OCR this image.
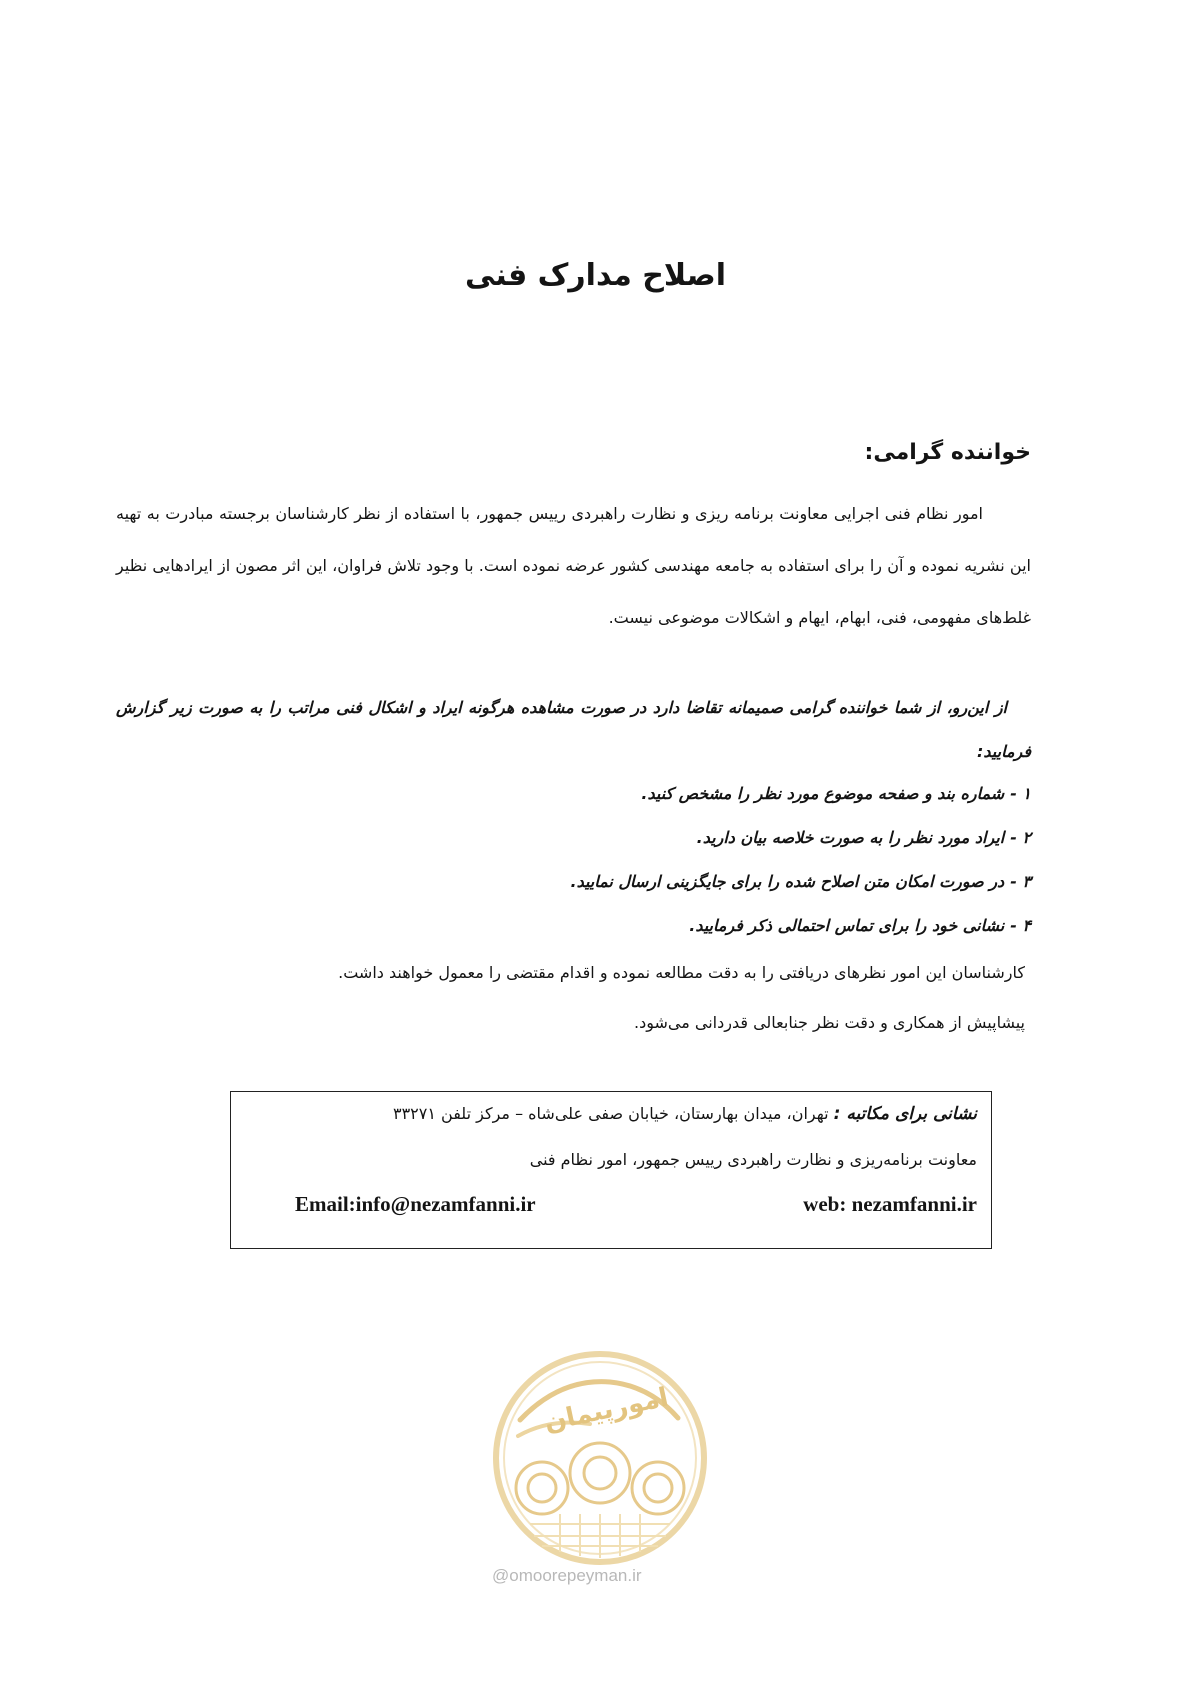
اصلاح مدارک فنی
خواننده گرامی:

امور نظام فنی اجرایی معاونت برنامه ریزی و نظارت راهبردی رییس جمهور، با استفاده از نظر کارشناسان برجسته مبادرت به تهیه این نشریه نموده و آن را برای استفاده به جامعه مهندسی کشور عرضه نموده است. با وجود تلاش فراوان، این اثر مصون از ایرادهایی نظیر غلط‌های مفهومی، فنی، ابهام، ایهام و اشکالات موضوعی نیست.

از این‌رو، از شما خواننده گرامی صمیمانه تقاضا دارد در صورت مشاهده هرگونه ایراد و اشکال فنی مراتب را به صورت زیر گزارش فرمایید:

۱ -شماره بند و صفحه موضوع مورد نظر را مشخص کنید.
۲ -ایراد مورد نظر را به صورت خلاصه بیان دارید.
۳ -در صورت امکان متن اصلاح شده را برای جایگزینی ارسال نمایید.
۴ -نشانی خود را برای تماس احتمالی ذکر فرمایید.

کارشناسان این امور نظرهای دریافتی را به دقت مطالعه نموده و اقدام مقتضی را معمول خواهند داشت.

پیشاپیش از همکاری و دقت نظر جنابعالی قدردانی می‌شود.

نشانی برای مکاتبه : تهران، میدان بهارستان، خیابان صفی علی‌شاه – مرکز تلفن ۳۳۲۷۱
معاونت برنامه‌ریزی و نظارت راهبردی رییس جمهور، امور نظام فنی
web: nezamfanni.ir
Email:info@nezamfanni.ir
امورپیمان
@omoorepeyman.ir
